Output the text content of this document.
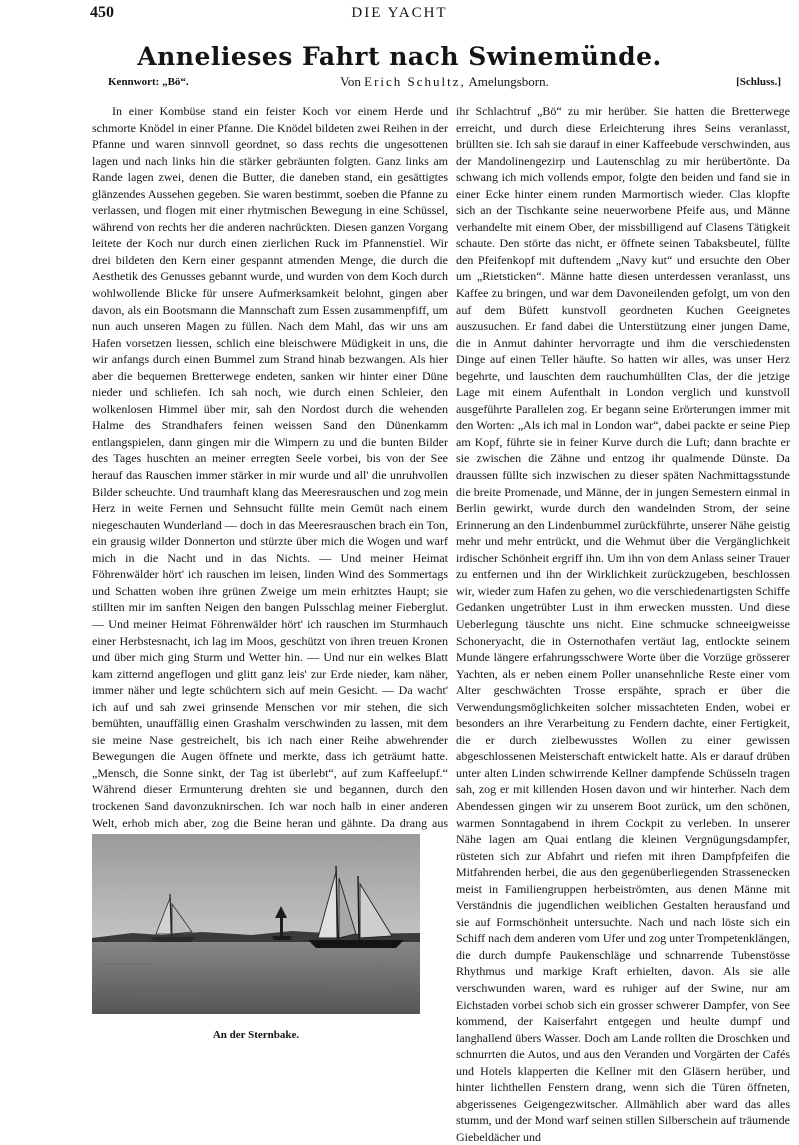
450	DIE YACHT
Annelieses Fahrt nach Swinemünde.
Kennwort: „Bö“.	Von Erich Schultz, Amelungsborn.	[Schluss.]

In einer Kombüse stand ein feister Koch vor einem Herde und schmorte Knödel in einer Pfanne. Die Knödel bildeten zwei Reihen in der Pfanne und waren sinnvoll geordnet, so dass rechts die ungesottenen lagen und nach links hin die stärker gebräunten folgten. Ganz links am Rande lagen zwei, denen die Butter, die daneben stand, ein gesättigtes glänzendes Aussehen gegeben. Sie waren bestimmt, soeben die Pfanne zu verlassen, und flogen mit einer rhytmischen Bewegung in eine Schüssel, während von rechts her die anderen nachrückten. Diesen ganzen Vorgang leitete der Koch nur durch einen zierlichen Ruck im Pfannenstiel. Wir drei bildeten den Kern einer gespannt atmenden Menge, die durch die Aesthetik des Genusses gebannt wurde, und wurden von dem Koch durch wohlwollende Blicke für unsere Aufmerksamkeit belohnt, gingen aber davon, als ein Bootsmann die Mannschaft zum Essen zusammenpfiff, um nun auch unseren Magen zu füllen. Nach dem Mahl, das wir uns am Hafen vorsetzen liessen, schlich eine bleischwere Müdigkeit in uns, die wir anfangs durch einen Bummel zum Strand hinab bezwangen. Als hier aber die bequemen Bretterwege endeten, sanken wir hinter einer Düne nieder und schliefen. Ich sah noch, wie durch einen Schleier, den wolkenlosen Himmel über mir, sah den Nordost durch die wehenden Halme des Strandhafers feinen weissen Sand den Dünenkamm entlangspielen, dann gingen mir die Wimpern zu und die bunten Bilder des Tages huschten an meiner erregten Seele vorbei, bis von der See herauf das Rauschen immer stärker in mir wurde und all' die unruhvollen Bilder scheuchte. Und traumhaft klang das Meeresrauschen und zog mein Herz in weite Fernen und Sehnsucht füllte mein Gemüt nach einem niegeschauten Wunderland — doch in das Meeresrauschen brach ein Ton, ein grausig wilder Donnerton und stürzte über mich die Wogen und warf mich in die Nacht und in das Nichts. — Und meiner Heimat Föhrenwälder hört' ich rauschen im leisen, linden Wind des Sommertags und Schatten woben ihre grünen Zweige um mein erhitztes Haupt; sie stillten mir im sanften Neigen den bangen Pulsschlag meiner Fieberglut. — Und meiner Heimat Föhrenwälder hört' ich rauschen im Sturmhauch einer Herbstesnacht, ich lag im Moos, geschützt von ihren treuen Kronen und über mich ging Sturm und Wetter hin. — Und nur ein welkes Blatt kam zitternd angeflogen und glitt ganz leis' zur Erde nieder, kam näher, immer näher und legte schüchtern sich auf mein Gesicht. — Da wacht' ich auf und sah zwei grinsende Menschen vor mir stehen, die sich bemühten, unauffällig einen Grashalm verschwinden zu lassen, mit dem sie meine Nase gestreichelt, bis ich nach einer Reihe abwehrender Bewegungen die Augen öffnete und merkte, dass ich geträumt hatte. „Mensch, die Sonne sinkt, der Tag ist überlebt“, auf zum Kaffeelupf.“ Während dieser Ermunterung drehten sie und begannen, durch den trockenen Sand davonzuknirschen. Ich war noch halb in einer anderen Welt, erhob mich aber, zog die Beine heran und gähnte. Da drang aus

ihr Schlachtruf „Bö“ zu mir herüber. Sie hatten die Bretterwege erreicht, und durch diese Erleichterung ihres Seins veranlasst, brüllten sie. Ich sah sie darauf in einer Kaffeebude verschwinden, aus der Mandolinengezirp und Lautenschlag zu mir herübertönte. Da schwang ich mich vollends empor, folgte den beiden und fand sie in einer Ecke hinter einem runden Marmortisch wieder. Clas klopfte sich an der Tischkante seine neuerworbene Pfeife aus, und Männe verhandelte mit einem Ober, der missbilligend auf Clasens Tätigkeit schaute. Den störte das nicht, er öffnete seinen Tabaksbeutel, füllte den Pfeifenkopf mit duftendem „Navy kut“ und ersuchte den Ober um „Rietsticken“. Männe hatte diesen unterdessen veranlasst, uns Kaffee zu bringen, und war dem Davoneilenden gefolgt, um von den auf dem Büfett kunstvoll geordneten Kuchen Geeignetes auszusuchen. Er fand dabei die Unterstützung einer jungen Dame, die in Anmut dahinter hervorragte und ihm die verschiedensten Dinge auf einen Teller häufte. So hatten wir alles, was unser Herz begehrte, und lauschten dem rauchumhüllten Clas, der die jetzige Lage mit einem Aufenthalt in London verglich und kunstvoll ausgeführte Parallelen zog. Er begann seine Erörterungen immer mit den Worten: „Als ich mal in London war“, dabei packte er seine Piep am Kopf, führte sie in feiner Kurve durch die Luft; dann brachte er sie zwischen die Zähne und entzog ihr qualmende Dünste. Da draussen füllte sich inzwischen zu dieser späten Nachmittagsstunde die breite Promenade, und Männe, der in jungen Semestern einmal in Berlin gewirkt, wurde durch den wandelnden Strom, der seine Erinnerung an den Lindenbummel zurückführte, unserer Nähe geistig mehr und mehr entrückt, und die Wehmut über die Vergänglichkeit irdischer Schönheit ergriff ihn. Um ihn von dem Anlass seiner Trauer zu entfernen und ihn der Wirklichkeit zurückzugeben, beschlossen wir, wieder zum Hafen zu gehen, wo die verschiedenartigsten Schiffe Gedanken ungetrübter Lust in ihm erwecken mussten. Und diese Ueberlegung täuschte uns nicht. Eine schmucke schneeigweisse Schoneryacht, die in Osternothafen vertäut lag, entlockte seinem Munde längere erfahrungsschwere Worte über die Vorzüge grösserer Yachten, als er neben einem Poller unansehnliche Reste einer vom Alter geschwächten Trosse erspähte, sprach er über die Verwendungsmöglichkeiten solcher missachteten Enden, wobei er besonders an ihre Verarbeitung zu Fendern dachte, einer Fertigkeit, die er durch zielbewusstes Wollen zu einer gewissen abgeschlossenen Meisterschaft entwickelt hatte. Als er darauf drüben unter alten Linden schwirrende Kellner dampfende Schüsseln tragen sah, zog er mit killenden Hosen davon und wir hinterher. Nach dem Abendessen gingen wir zu unserem Boot zurück, um den schönen, warmen Sonntagabend in ihrem Cockpit zu verleben. In unserer Nähe lagen am Quai entlang die kleinen Vergnügungsdampfer, rüsteten sich zur Abfahrt und riefen mit ihren Dampfpfeifen die Mitfahrenden herbei, die aus den gegenüberliegenden Strassenecken meist in Familiengruppen herbeiströmten, aus denen Männe mit Verständnis die jugendlichen weiblichen Gestalten herausfand und sie auf Formschönheit untersuchte. Nach und nach löste sich ein Schiff nach dem anderen vom Ufer und zog unter Trompetenklängen, die durch dumpfe Paukenschläge und schnarrende Tubenstösse Rhythmus und markige Kraft erhielten, davon. Als sie alle verschwunden waren, ward es ruhiger auf der Swine, nur am Eichstaden vorbei schob sich ein grosser schwerer Dampfer, von See kommend, der Kaiserfahrt entgegen und heulte dumpf und langhallend übers Wasser. Doch am Lande rollten die Droschken und schnurrten die Autos, und aus den Veranden und Vorgärten der Cafés und Hotels klapperten die Kellner mit den Gläsern herüber, und hinter lichthellen Fenstern drang, wenn sich die Türen öffneten, abgerissenes Geigengezwitscher. Allmählich aber ward das alles stumm, und der Mond warf seinen stillen Silberschein auf träumende Giebeldächer und

An der Sternbake.
